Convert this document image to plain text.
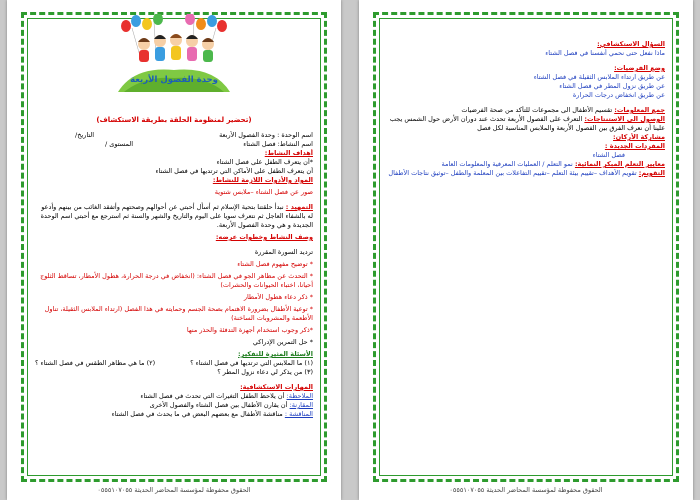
وحدة الفصول الأربعة
(تحضير لمنظومة الحلقة بطريقة الاستكشاف)
اسم الوحدة : وحدة الفصول الأربعة
التاريخ/
اسم النشاط: فصل الشتاء
المستوى /
أهداف النشاط:
*أن يتعرف الطفل على فصل الشتاء
أن يتعرف الطفل على الأماكن التي ترتديها في فصل الشتاء
المواد والأدوات اللازمة للنشاط:
صور عن فصل الشتاء –ملابس شتوية
التمهيد : نبدأ حلقتنا بتحية الإسلام ثم أسأل أحبتي عن أحوالهم وصحتهم وأتفقد الغائب من بينهم وأدعو له بالشفاء العاجل ثم نتعرف سويا على اليوم والتاريخ والشهر والسنة ثم استرجع مع أحبتي اسم الوحدة الجديدة و هي وحدة الفصول الأربعة.
وصف النشاط وخطوات عرضه:
ترديد السورة المقررة
* توضيح مفهوم فصل الشتاء
* التحدث عن مظاهر الجو في فصل الشتاء: (انخفاض في درجة الحرارة، هطول الأمطار، تساقط الثلوج أحيانا، اختباء الحيوانات والحشرات)
* ذكر دعاء هطول الأمطار
* توعية الأطفال بضرورة الاهتمام بصحة الجسم وحمايته في هذا الفصل (ارتداء الملابس الثقيلة، تناول الأطعمة والمشروبات الساخنة)
*ذكر وجوب استخدام أجهزة التدفئة والحذر منها
* حل التمرين الإدراكي
الأسئلة المثيرة للتفكير:
(١) ما الملابس التي ترتديها في فصل الشتاء ؟
(٢) ما هي مظاهر الطقس في فصل الشتاء ؟
(٣) من يذكر لي دعاء نزول المطر ؟
المهارات الاستكشافية:
الملاحظة: أن يلاحظ الطفل التغيرات التي تحدث في فصل الشتاء
المقارنة: أن يقارن الأطفال بين فصل الشتاء والفصول الأخرى
المناقشة : مناقشة الأطفال مع بعضهم البعض في ما يحدث في فصل الشتاء
الحقوق محفوظة لمؤسسة المحاضر الحديثة ٠٥٥٥١٠٧٠٥٥
السؤال الاستكشافي:
ماذا نفعل حتى نحمي أنفسنا في فصل الشتاء
وضع الفرضيات:
عن طريق ارتداء الملابس الثقيلة في فصل الشتاء
عن طريق نزول المطر في فصل الشتاء
عن طريق انخفاض درجات الحرارة
جمع المعلومات: تقسيم الأطفال الى مجموعات للتأكد من صحة الفرضيات
الوصول الى الاستنتاجات: التعرف على الفصول الأربعة تحدث عند دوران الأرض حول الشمس يجب علينا أن نعرف الفرق بين الفصول الأربعة والملابس المناسبة لكل فصل
مشاركة الأركان:
المفردات الجديدة :
فصل الشتاء
معايير التعلم المبكر النمائية: نمو التعلم / العمليات المعرفية والمعلومات العامة
التقويم: تقويم الأهداف –تقييم بيئة التعلم –تقييم التفاعلات بين المعلمة والطفل –توثيق نتاجات الأطفال
الحقوق محفوظة لمؤسسة المحاضر الحديثة ٠٥٥٥١٠٧٠٥٥
